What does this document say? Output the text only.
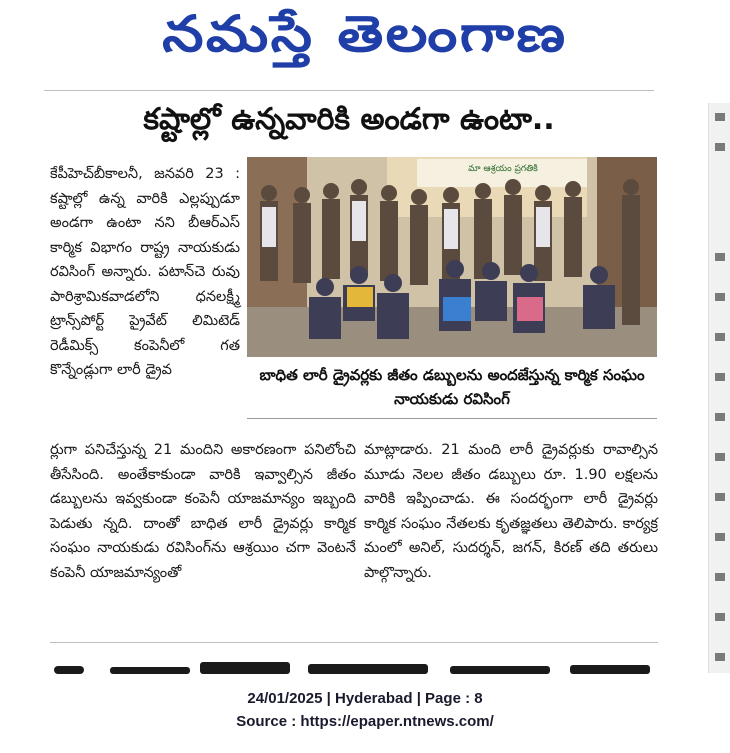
నమస్తే తెలంగాణ
కష్టాల్లో ఉన్నవారికి అండగా ఉంటా..

కేపీహెచ్‌బీకాలనీ, జనవరి 23 : కష్టాల్లో ఉన్న వారికి ఎల్లప్పుడూ అండగా ఉంటా నని బీఆర్‌ఎస్ కార్మిక విభాగం రాష్ట్ర నాయకుడు రవిసింగ్ అన్నారు. పటాన్‌చె రువు పారిశ్రామికవాడలోని ధనలక్ష్మీ ట్రాన్స్‌పోర్ట్ ప్రైవేట్ లిమిటెడ్ రెడీమిక్స్ కంపెనీలో గత కొన్నేండ్లుగా లారీ డ్రైవ

మా ఆశ్రయం ప్రగతికి
బాధిత లారీ డ్రైవర్లకు జీతం డబ్బులను అందజేస్తున్న కార్మిక సంఘం నాయకుడు రవిసింగ్

ర్లుగా పనిచేస్తున్న 21 మందిని అకారణంగా పనిలోంచి తీసేసింది. అంతేకాకుండా వారికి ఇవ్వాల్సిన జీతం డబ్బులను ఇవ్వకుండా కంపెనీ యాజమాన్యం ఇబ్బంది పెడుతు న్నది. దాంతో బాధిత లారీ డ్రైవర్లు కార్మిక సంఘం నాయకుడు రవిసింగ్‌ను ఆశ్రయిం చగా వెంటనే కంపెనీ యాజమాన్యంతో

మాట్లాడారు. 21 మంది లారీ డ్రైవర్లుకు రావాల్సిన మూడు నెలల జీతం డబ్బులు రూ. 1.90 లక్షలను వారికి ఇప్పించాడు. ఈ సందర్భంగా లారీ డ్రైవర్లు కార్మిక సంఘం నేతలకు కృతజ్ఞతలు తెలిపారు. కార్యక్ర మంలో అనిల్, సుదర్శన్, జగన్, కిరణ్ తది తరులు పాల్గొన్నారు.

24/01/2025 | Hyderabad | Page : 8
Source : https://epaper.ntnews.com/
